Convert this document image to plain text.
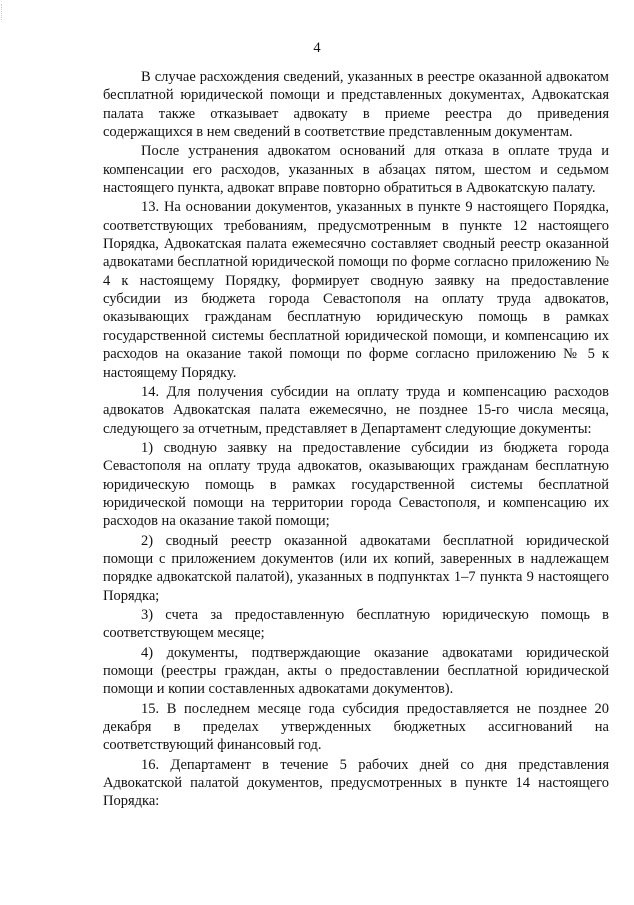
4

В случае расхождения сведений, указанных в реестре оказанной адвокатом бесплатной юридической помощи и представленных документах, Адвокатская палата также отказывает адвокату в приеме реестра до приведения содержащихся в нем сведений в соответствие представленным документам.

После устранения адвокатом оснований для отказа в оплате труда и компенсации его расходов, указанных в абзацах пятом, шестом и седьмом настоящего пункта, адвокат вправе повторно обратиться в Адвокатскую палату.

13. На основании документов, указанных в пункте 9 настоящего Порядка, соответствующих требованиям, предусмотренным в пункте 12 настоящего Порядка, Адвокатская палата ежемесячно составляет сводный реестр оказанной адвокатами бесплатной юридической помощи по форме согласно приложению № 4 к настоящему Порядку, формирует сводную заявку на предоставление субсидии из бюджета города Севастополя на оплату труда адвокатов, оказывающих гражданам бесплатную юридическую помощь в рамках государственной системы бесплатной юридической помощи, и компенсацию их расходов на оказание такой помощи по форме согласно приложению № 5 к настоящему Порядку.

14. Для получения субсидии на оплату труда и компенсацию расходов адвокатов Адвокатская палата ежемесячно, не позднее 15-го числа месяца, следующего за отчетным, представляет в Департамент следующие документы:

1) сводную заявку на предоставление субсидии из бюджета города Севастополя на оплату труда адвокатов, оказывающих гражданам бесплатную юридическую помощь в рамках государственной системы бесплатной юридической помощи на территории города Севастополя, и компенсацию их расходов на оказание такой помощи;

2) сводный реестр оказанной адвокатами бесплатной юридической помощи с приложением документов (или их копий, заверенных в надлежащем порядке адвокатской палатой), указанных в подпунктах 1–7 пункта 9 настоящего Порядка;

3) счета за предоставленную бесплатную юридическую помощь в соответствующем месяце;

4) документы, подтверждающие оказание адвокатами юридической помощи (реестры граждан, акты о предоставлении бесплатной юридической помощи и копии составленных адвокатами документов).

15. В последнем месяце года субсидия предоставляется не позднее 20 декабря в пределах утвержденных бюджетных ассигнований на соответствующий финансовый год.

16. Департамент в течение 5 рабочих дней со дня представления Адвокатской палатой документов, предусмотренных в пункте 14 настоящего Порядка:
